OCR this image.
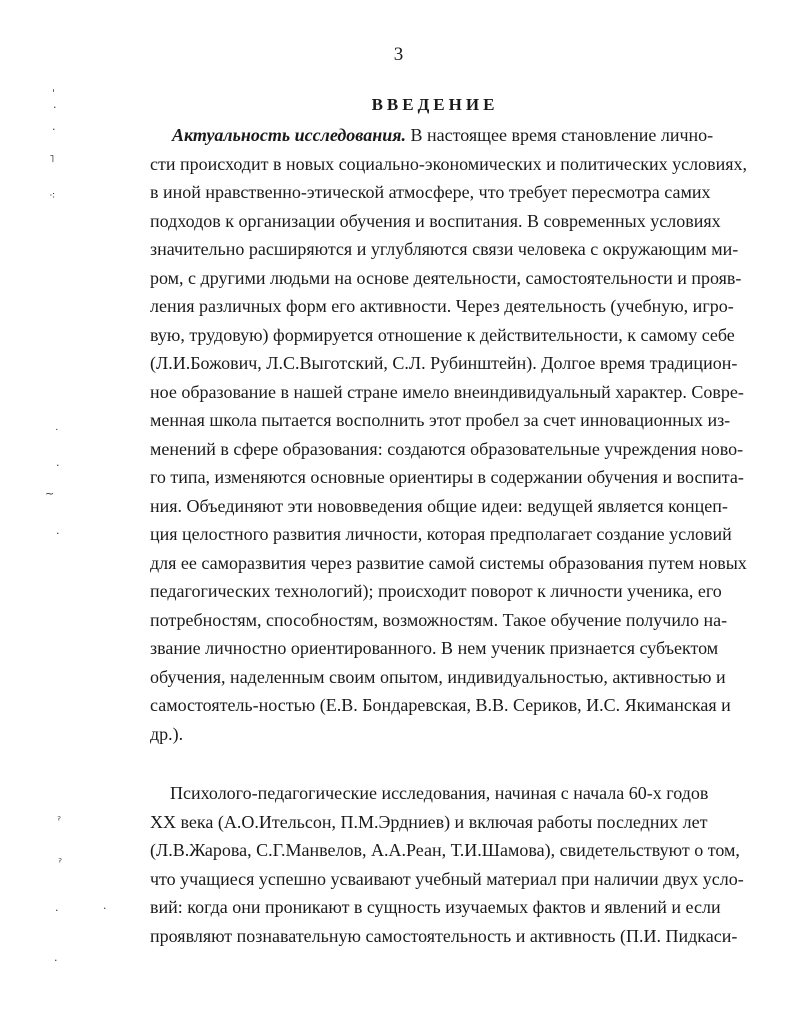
3
ВВЕДЕНИЕ
Актуальность исследования. В настоящее время становление лично-
сти происходит в новых социально-экономических и политических условиях,
в иной нравственно-этической атмосфере, что требует пересмотра самих
подходов к организации обучения и воспитания. В современных условиях
значительно расширяются и углубляются связи человека с окружающим ми-
ром, с другими людьми на основе деятельности, самостоятельности и прояв-
ления различных форм его активности. Через деятельность (учебную, игро-
вую, трудовую) формируется отношение к действительности, к самому себе
(Л.И.Божович, Л.С.Выготский, С.Л. Рубинштейн). Долгое время традицион-
ное образование в нашей стране имело внеиндивидуальный характер. Совре-
менная школа пытается восполнить этот пробел за счет инновационных из-
менений в сфере образования: создаются образовательные учреждения ново-
го типа, изменяются основные ориентиры в содержании обучения и воспита-
ния. Объединяют эти нововведения общие идеи: ведущей является концеп-
ция целостного развития личности, которая предполагает создание условий
для ее саморазвития через развитие самой системы образования путем новых
педагогических технологий); происходит поворот к личности ученика, его
потребностям, способностям, возможностям. Такое обучение получило на-
звание личностно ориентированного. В нем ученик признается субъектом
обучения, наделенным своим опытом, индивидуальностью, активностью и
самостоятель-ностью (Е.В. Бондаревская, В.В. Сериков, И.С. Якиманская и
др.).
Психолого-педагогические исследования, начиная с начала 60-х годов
XX века (А.О.Ительсон, П.М.Эрдниев) и включая работы последних лет
(Л.В.Жарова, С.Г.Манвелов, А.А.Реан, Т.И.Шамова), свидетельствуют о том,
что учащиеся успешно усваивают учебный материал при наличии двух усло-
вий: когда они проникают в сущность изучаемых фактов и явлений и если
проявляют познавательную самостоятельность и активность (П.И. Пидкаси-
ˈ
·
·
˥
⁖
˙
·
~
·
ˀ
ˀ
·	·
·
